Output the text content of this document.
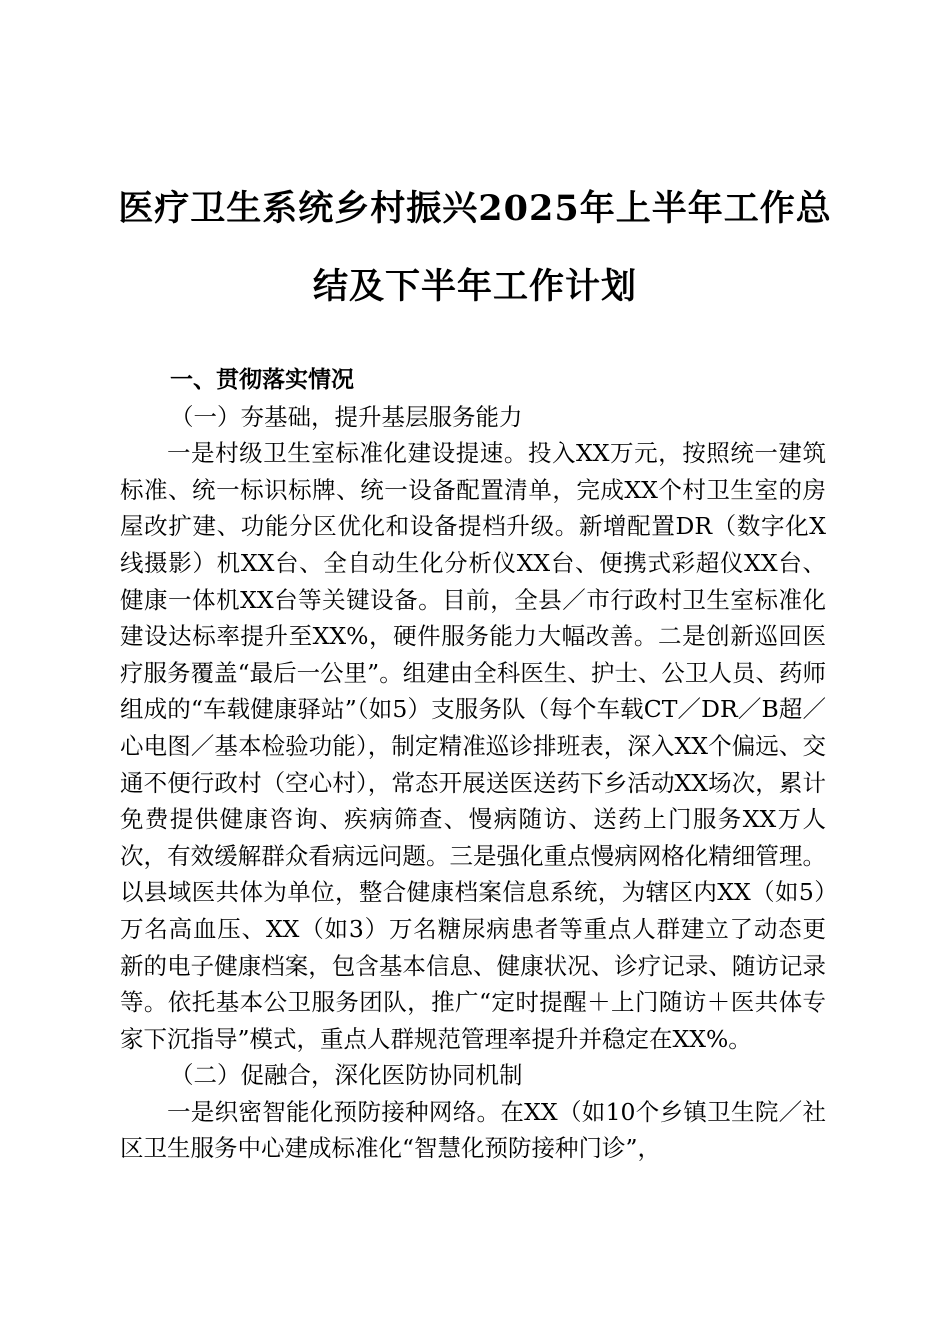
医疗卫生系统乡村振兴2025年上半年工作总结及下半年工作计划
一、贯彻落实情况
（一）夯基础，提升基层服务能力

一是村级卫生室标准化建设提速。投入XX万元，按照统一建筑标准、统一标识标牌、统一设备配置清单，完成XX个村卫生室的房屋改扩建、功能分区优化和设备提档升级。新增配置DR（数字化X线摄影）机XX台、全自动生化分析仪XX台、便携式彩超仪XX台、健康一体机XX台等关键设备。目前，全县／市行政村卫生室标准化建设达标率提升至XX%，硬件服务能力大幅改善。二是创新巡回医疗服务覆盖“最后一公里”。组建由全科医生、护士、公卫人员、药师组成的“车载健康驿站”（如5）支服务队（每个车载CT／DR／B超／心电图／基本检验功能），制定精准巡诊排班表，深入XX个偏远、交通不便行政村（空心村），常态开展送医送药下乡活动XX场次，累计免费提供健康咨询、疾病筛查、慢病随访、送药上门服务XX万人次，有效缓解群众看病远问题。三是强化重点慢病网格化精细管理。以县域医共体为单位，整合健康档案信息系统，为辖区内XX（如5）万名高血压、XX（如3）万名糖尿病患者等重点人群建立了动态更新的电子健康档案，包含基本信息、健康状况、诊疗记录、随访记录等。依托基本公卫服务团队，推广“定时提醒＋上门随访＋医共体专家下沉指导”模式，重点人群规范管理率提升并稳定在XX%。

（二）促融合，深化医防协同机制

一是织密智能化预防接种网络。在XX（如10个乡镇卫生院／社区卫生服务中心建成标准化“智慧化预防接种门诊”，
